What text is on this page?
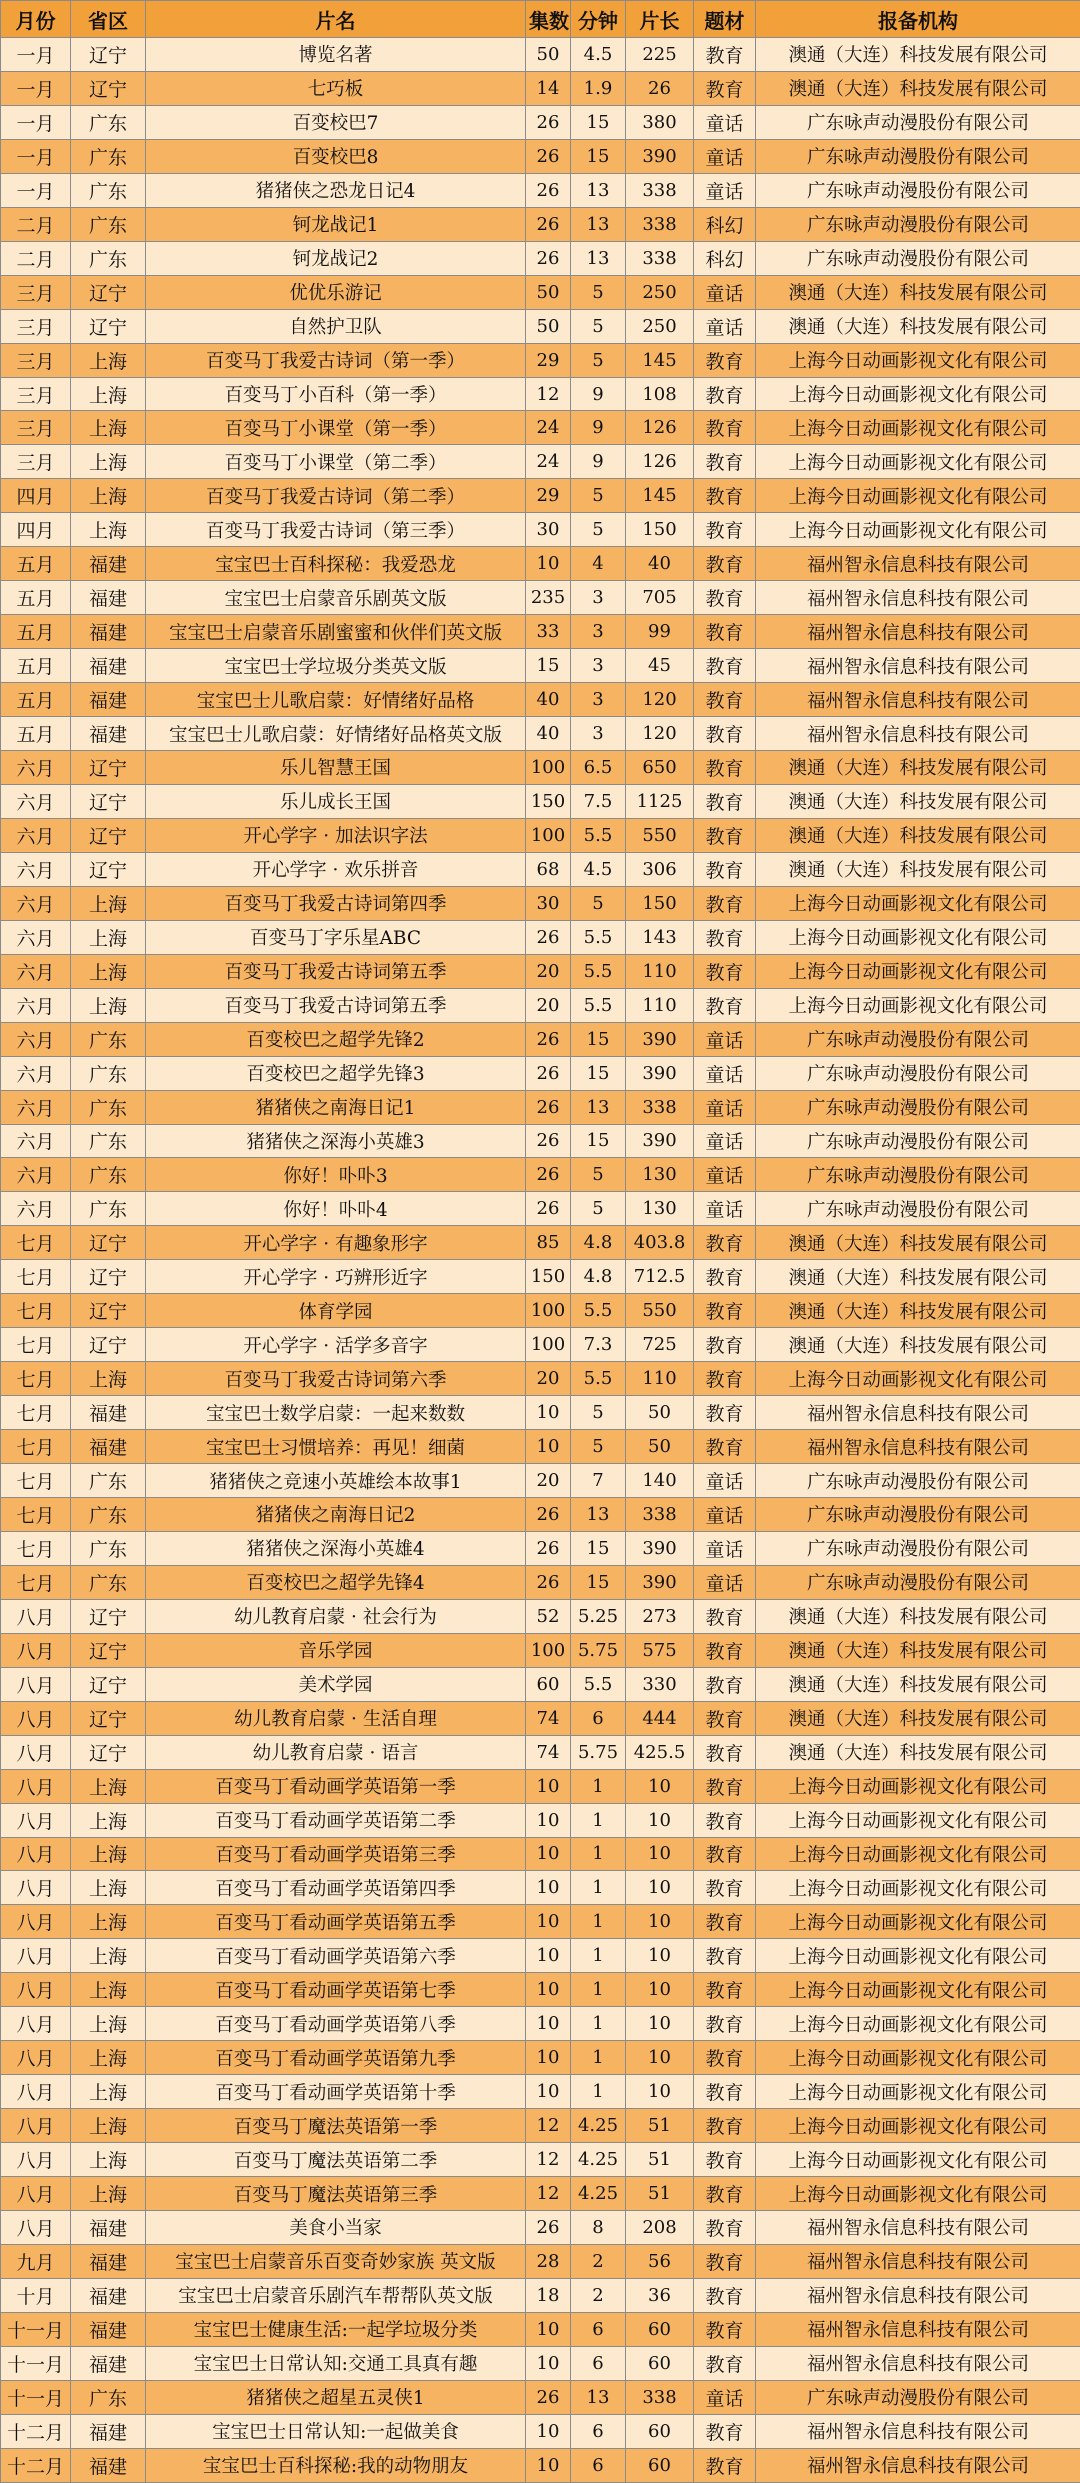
月份	省区	片名	集数	分钟	片长	题材	报备机构
一月	辽宁	博览名著	50	4.5	225	教育	澳通（大连）科技发展有限公司
一月	辽宁	七巧板	14	1.9	26	教育	澳通（大连）科技发展有限公司
一月	广东	百变校巴7	26	15	380	童话	广东咏声动漫股份有限公司
一月	广东	百变校巴8	26	15	390	童话	广东咏声动漫股份有限公司
一月	广东	猪猪侠之恐龙日记4	26	13	338	童话	广东咏声动漫股份有限公司
二月	广东	钶龙战记1	26	13	338	科幻	广东咏声动漫股份有限公司
二月	广东	钶龙战记2	26	13	338	科幻	广东咏声动漫股份有限公司
三月	辽宁	优优乐游记	50	5	250	童话	澳通（大连）科技发展有限公司
三月	辽宁	自然护卫队	50	5	250	童话	澳通（大连）科技发展有限公司
三月	上海	百变马丁我爱古诗词（第一季）	29	5	145	教育	上海今日动画影视文化有限公司
三月	上海	百变马丁小百科（第一季）	12	9	108	教育	上海今日动画影视文化有限公司
三月	上海	百变马丁小课堂（第一季）	24	9	126	教育	上海今日动画影视文化有限公司
三月	上海	百变马丁小课堂（第二季）	24	9	126	教育	上海今日动画影视文化有限公司
四月	上海	百变马丁我爱古诗词（第二季）	29	5	145	教育	上海今日动画影视文化有限公司
四月	上海	百变马丁我爱古诗词（第三季）	30	5	150	教育	上海今日动画影视文化有限公司
五月	福建	宝宝巴士百科探秘：我爱恐龙	10	4	40	教育	福州智永信息科技有限公司
五月	福建	宝宝巴士启蒙音乐剧英文版	235	3	705	教育	福州智永信息科技有限公司
五月	福建	宝宝巴士启蒙音乐剧蜜蜜和伙伴们英文版	33	3	99	教育	福州智永信息科技有限公司
五月	福建	宝宝巴士学垃圾分类英文版	15	3	45	教育	福州智永信息科技有限公司
五月	福建	宝宝巴士儿歌启蒙：好情绪好品格	40	3	120	教育	福州智永信息科技有限公司
五月	福建	宝宝巴士儿歌启蒙：好情绪好品格英文版	40	3	120	教育	福州智永信息科技有限公司
六月	辽宁	乐儿智慧王国	100	6.5	650	教育	澳通（大连）科技发展有限公司
六月	辽宁	乐儿成长王国	150	7.5	1125	教育	澳通（大连）科技发展有限公司
六月	辽宁	开心学字 · 加法识字法	100	5.5	550	教育	澳通（大连）科技发展有限公司
六月	辽宁	开心学字 · 欢乐拼音	68	4.5	306	教育	澳通（大连）科技发展有限公司
六月	上海	百变马丁我爱古诗词第四季	30	5	150	教育	上海今日动画影视文化有限公司
六月	上海	百变马丁字乐星ABC	26	5.5	143	教育	上海今日动画影视文化有限公司
六月	上海	百变马丁我爱古诗词第五季	20	5.5	110	教育	上海今日动画影视文化有限公司
六月	上海	百变马丁我爱古诗词第五季	20	5.5	110	教育	上海今日动画影视文化有限公司
六月	广东	百变校巴之超学先锋2	26	15	390	童话	广东咏声动漫股份有限公司
六月	广东	百变校巴之超学先锋3	26	15	390	童话	广东咏声动漫股份有限公司
六月	广东	猪猪侠之南海日记1	26	13	338	童话	广东咏声动漫股份有限公司
六月	广东	猪猪侠之深海小英雄3	26	15	390	童话	广东咏声动漫股份有限公司
六月	广东	你好！卟卟3	26	5	130	童话	广东咏声动漫股份有限公司
六月	广东	你好！卟卟4	26	5	130	童话	广东咏声动漫股份有限公司
七月	辽宁	开心学字 · 有趣象形字	85	4.8	403.8	教育	澳通（大连）科技发展有限公司
七月	辽宁	开心学字 · 巧辨形近字	150	4.8	712.5	教育	澳通（大连）科技发展有限公司
七月	辽宁	体育学园	100	5.5	550	教育	澳通（大连）科技发展有限公司
七月	辽宁	开心学字 · 活学多音字	100	7.3	725	教育	澳通（大连）科技发展有限公司
七月	上海	百变马丁我爱古诗词第六季	20	5.5	110	教育	上海今日动画影视文化有限公司
七月	福建	宝宝巴士数学启蒙：一起来数数	10	5	50	教育	福州智永信息科技有限公司
七月	福建	宝宝巴士习惯培养：再见！细菌	10	5	50	教育	福州智永信息科技有限公司
七月	广东	猪猪侠之竞速小英雄绘本故事1	20	7	140	童话	广东咏声动漫股份有限公司
七月	广东	猪猪侠之南海日记2	26	13	338	童话	广东咏声动漫股份有限公司
七月	广东	猪猪侠之深海小英雄4	26	15	390	童话	广东咏声动漫股份有限公司
七月	广东	百变校巴之超学先锋4	26	15	390	童话	广东咏声动漫股份有限公司
八月	辽宁	幼儿教育启蒙 · 社会行为	52	5.25	273	教育	澳通（大连）科技发展有限公司
八月	辽宁	音乐学园	100	5.75	575	教育	澳通（大连）科技发展有限公司
八月	辽宁	美术学园	60	5.5	330	教育	澳通（大连）科技发展有限公司
八月	辽宁	幼儿教育启蒙 · 生活自理	74	6	444	教育	澳通（大连）科技发展有限公司
八月	辽宁	幼儿教育启蒙 · 语言	74	5.75	425.5	教育	澳通（大连）科技发展有限公司
八月	上海	百变马丁看动画学英语第一季	10	1	10	教育	上海今日动画影视文化有限公司
八月	上海	百变马丁看动画学英语第二季	10	1	10	教育	上海今日动画影视文化有限公司
八月	上海	百变马丁看动画学英语第三季	10	1	10	教育	上海今日动画影视文化有限公司
八月	上海	百变马丁看动画学英语第四季	10	1	10	教育	上海今日动画影视文化有限公司
八月	上海	百变马丁看动画学英语第五季	10	1	10	教育	上海今日动画影视文化有限公司
八月	上海	百变马丁看动画学英语第六季	10	1	10	教育	上海今日动画影视文化有限公司
八月	上海	百变马丁看动画学英语第七季	10	1	10	教育	上海今日动画影视文化有限公司
八月	上海	百变马丁看动画学英语第八季	10	1	10	教育	上海今日动画影视文化有限公司
八月	上海	百变马丁看动画学英语第九季	10	1	10	教育	上海今日动画影视文化有限公司
八月	上海	百变马丁看动画学英语第十季	10	1	10	教育	上海今日动画影视文化有限公司
八月	上海	百变马丁魔法英语第一季	12	4.25	51	教育	上海今日动画影视文化有限公司
八月	上海	百变马丁魔法英语第二季	12	4.25	51	教育	上海今日动画影视文化有限公司
八月	上海	百变马丁魔法英语第三季	12	4.25	51	教育	上海今日动画影视文化有限公司
八月	福建	美食小当家	26	8	208	教育	福州智永信息科技有限公司
九月	福建	宝宝巴士启蒙音乐百变奇妙家族 英文版	28	2	56	教育	福州智永信息科技有限公司
十月	福建	宝宝巴士启蒙音乐剧汽车帮帮队英文版	18	2	36	教育	福州智永信息科技有限公司
十一月	福建	宝宝巴士健康生活:一起学垃圾分类	10	6	60	教育	福州智永信息科技有限公司
十一月	福建	宝宝巴士日常认知:交通工具真有趣	10	6	60	教育	福州智永信息科技有限公司
十一月	广东	猪猪侠之超星五灵侠1	26	13	338	童话	广东咏声动漫股份有限公司
十二月	福建	宝宝巴士日常认知:一起做美食	10	6	60	教育	福州智永信息科技有限公司
十二月	福建	宝宝巴士百科探秘:我的动物朋友	10	6	60	教育	福州智永信息科技有限公司
